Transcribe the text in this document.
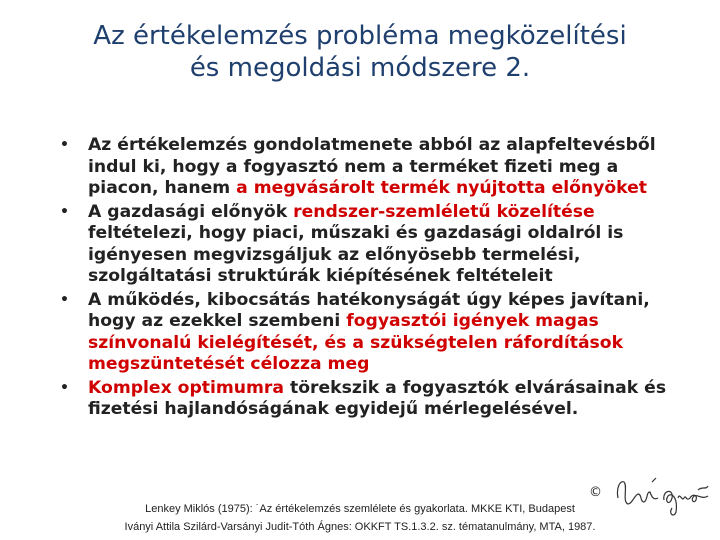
Az értékelemzés probléma megközelítési
és megoldási módszere 2.
• Az értékelemzés gondolatmenete abból az alapfeltevésből indul ki, hogy a fogyasztó nem a terméket fizeti meg a piacon, hanem a megvásárolt termék nyújtotta előnyöket
• A gazdasági előnyök rendszer-szemléletű közelítése feltételezi, hogy piaci, műszaki és gazdasági oldalról is igényesen megvizsgáljuk az előnyösebb termelési, szolgáltatási struktúrák kiépítésének feltételeit
• A működés, kibocsátás hatékonyságát úgy képes javítani, hogy az ezekkel szembeni fogyasztói igények magas színvonalú kielégítését, és a szükségtelen ráfordítások megszüntetését célozza meg
• Komplex optimumra törekszik a fogyasztók elvárásainak és fizetési hajlandóságának egyidejű mérlegelésével.
©
Lenkey Miklós (1975): ˙Az értékelemzés szemlélete és gyakorlata. MKKE KTI, Budapest
Iványi Attila Szilárd-Varsányi Judit-Tóth Ágnes: OKKFT TS.1.3.2. sz. tématanulmány, MTA, 1987.
